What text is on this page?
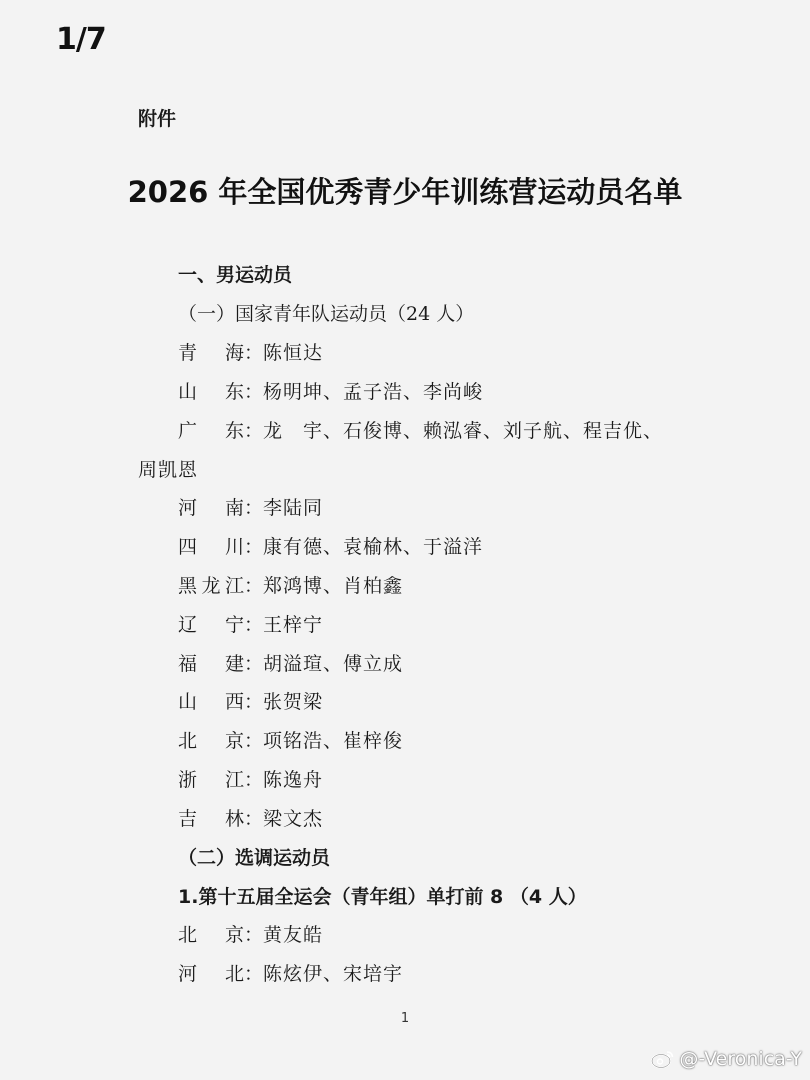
1/7
附件
2026 年全国优秀青少年训练营运动员名单
一、男运动员
（一）国家青年队运动员（24 人）
青海 ： 陈恒达
山东 ： 杨明坤、孟子浩、李尚峻
广东 ： 龙　宇、石俊博、赖泓睿、刘子航、程吉优、
周凯恩
河南 ： 李陆同
四川 ： 康有德、袁榆林、于溢洋
黑龙江 ： 郑鸿博、肖柏鑫
辽宁 ： 王梓宁
福建 ： 胡溢瑄、傅立成
山西 ： 张贺梁
北京 ： 项铭浩、崔梓俊
浙江 ： 陈逸舟
吉林 ： 梁文杰
（二）选调运动员
1.第十五届全运会（青年组）单打前 8 （4 人）
北京 ： 黄友皓
河北 ： 陈炫伊、宋培宇
1
@-Veronica-Y
